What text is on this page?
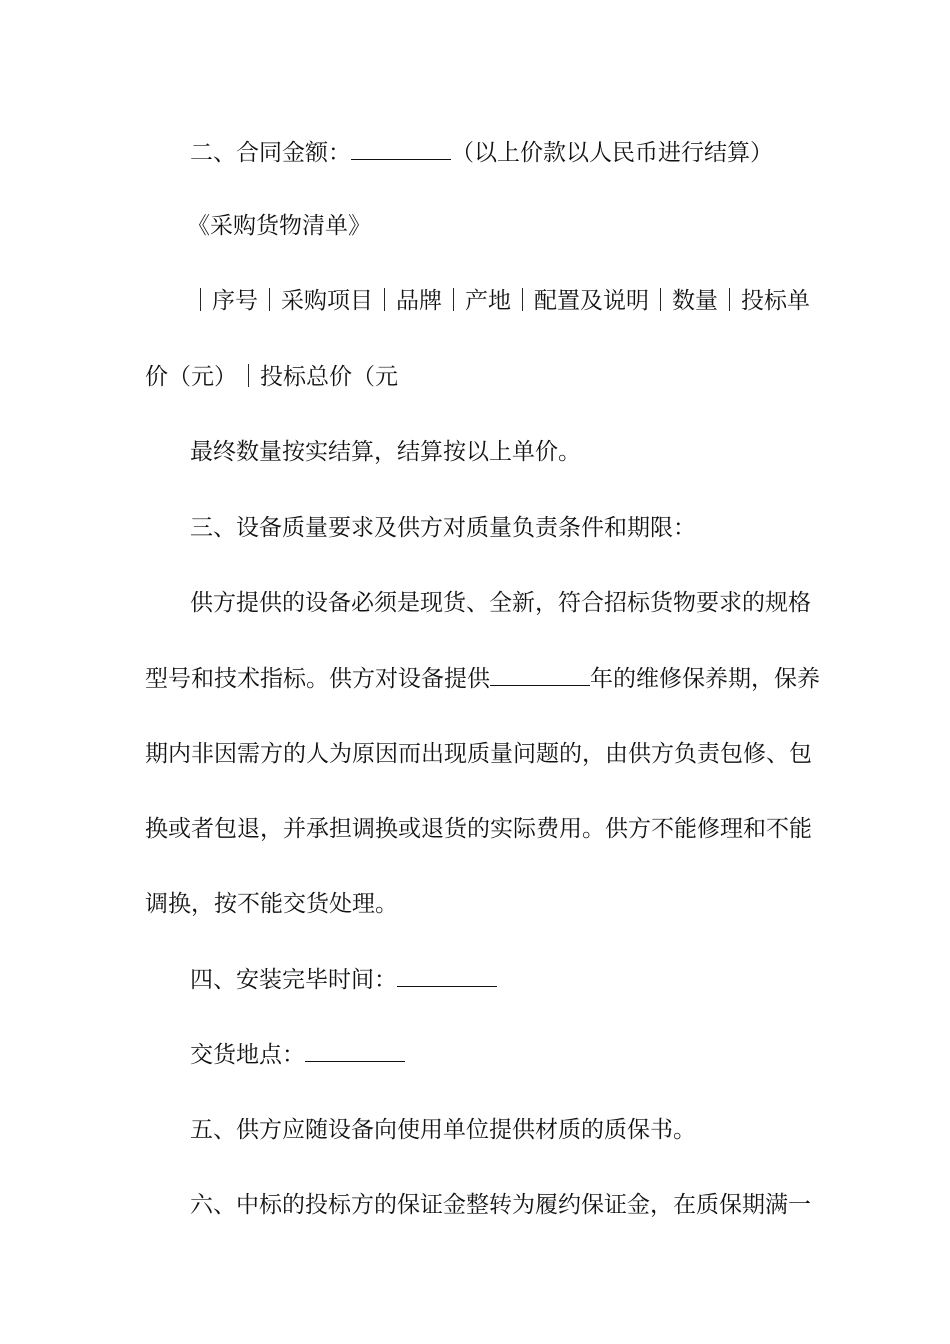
二、合同金额：	（以上价款以人民币进行结算）
《采购货物清单》
｜序号｜采购项目｜品牌｜产地｜配置及说明｜数量｜投标单
价（元）｜投标总价（元
最终数量按实结算，结算按以上单价。
三、设备质量要求及供方对质量负责条件和期限：
供方提供的设备必须是现货、全新，符合招标货物要求的规格
型号和技术指标。供方对设备提供	年的维修保养期，保养
期内非因需方的人为原因而出现质量问题的，由供方负责包修、包
换或者包退，并承担调换或退货的实际费用。供方不能修理和不能
调换，按不能交货处理。
四、安装完毕时间：
交货地点：
五、供方应随设备向使用单位提供材质的质保书。
六、中标的投标方的保证金整转为履约保证金，在质保期满一
